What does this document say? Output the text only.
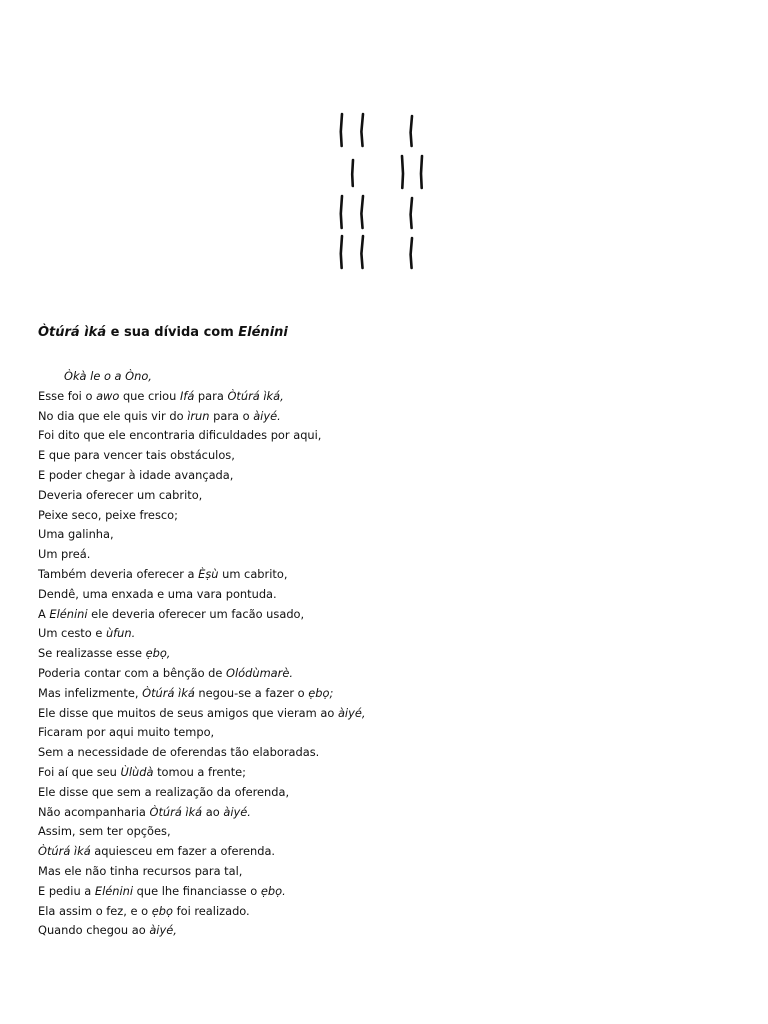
Òtúrá ìká e sua dívida com Elénini
Òkà le o a Òno,
Esse foi o awo que criou Ifá para Òtúrá ìká,
No dia que ele quis vir do ìrun para o àiyé.
Foi dito que ele encontraria dificuldades por aqui,
E que para vencer tais obstáculos,
E poder chegar à idade avançada,
Deveria oferecer um cabrito,
Peixe seco, peixe fresco;
Uma galinha,
Um preá.
Também deveria oferecer a Èṣù um cabrito,
Dendê, uma enxada e uma vara pontuda.
A Elénini ele deveria oferecer um facão usado,
Um cesto e ùfun.
Se realizasse esse ẹbọ,
Poderia contar com a bênção de Olódùmarè.
Mas infelizmente, Òtúrá ìká negou-se a fazer o ẹbọ;
Ele disse que muitos de seus amigos que vieram ao àiyé,
Ficaram por aqui muito tempo,
Sem a necessidade de oferendas tão elaboradas.
Foi aí que seu Ùlùdà tomou a frente;
Ele disse que sem a realização da oferenda,
Não acompanharia Òtúrá ìká ao àiyé.
Assim, sem ter opções,
Òtúrá ìká aquiesceu em fazer a oferenda.
Mas ele não tinha recursos para tal,
E pediu a Elénini que lhe financiasse o ẹbọ.
Ela assim o fez, e o ẹbọ foi realizado.
Quando chegou ao àiyé,
